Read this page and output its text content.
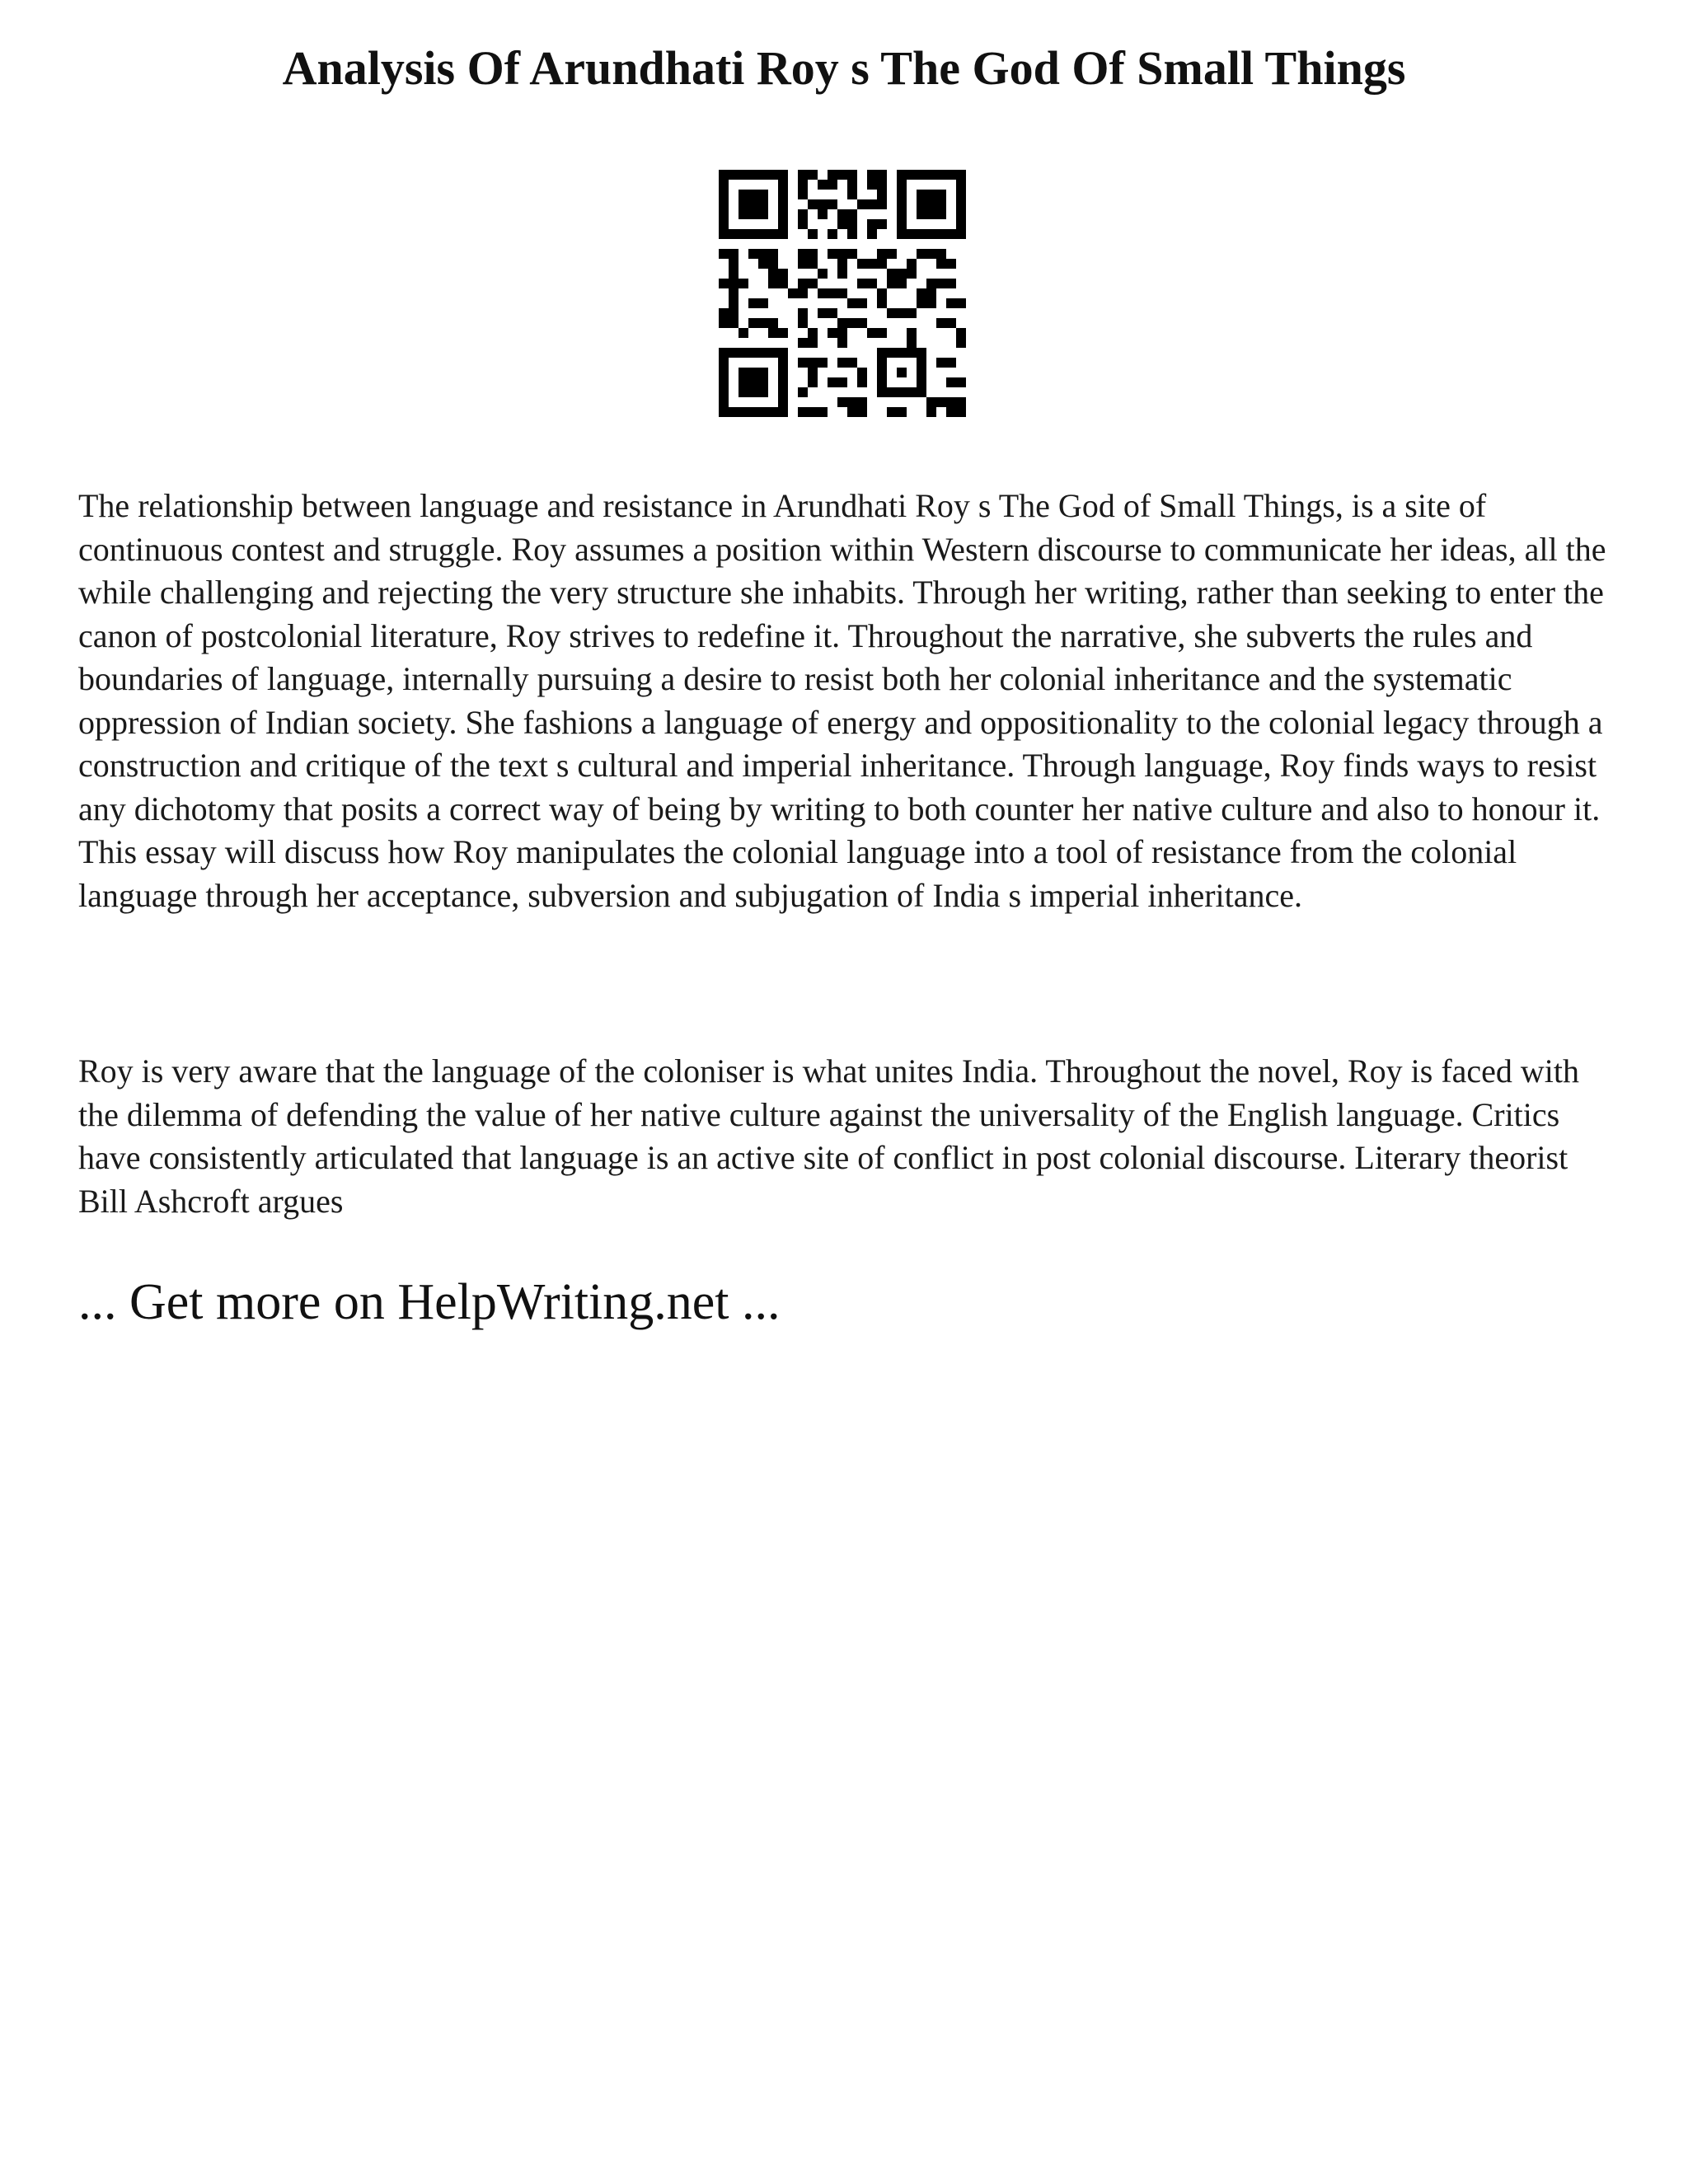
Analysis Of Arundhati Roy s The God Of Small Things

The relationship between language and resistance in Arundhati Roy s The God of Small Things, is a site of continuous contest and struggle. Roy assumes a position within Western discourse to communicate her ideas, all the while challenging and rejecting the very structure she inhabits. Through her writing, rather than seeking to enter the canon of postcolonial literature, Roy strives to redefine it. Throughout the narrative, she subverts the rules and boundaries of language, internally pursuing a desire to resist both her colonial inheritance and the systematic oppression of Indian society. She fashions a language of energy and oppositionality to the colonial legacy through a construction and critique of the text s cultural and imperial inheritance. Through language, Roy finds ways to resist any dichotomy that posits a correct way of being by writing to both counter her native culture and also to honour it. This essay will discuss how Roy manipulates the colonial language into a tool of resistance from the colonial language through her acceptance, subversion and subjugation of India s imperial inheritance.

Roy is very aware that the language of the coloniser is what unites India. Throughout the novel, Roy is faced with the dilemma of defending the value of her native culture against the universality of the English language. Critics have consistently articulated that language is an active site of conflict in post colonial discourse. Literary theorist Bill Ashcroft argues

... Get more on HelpWriting.net ...
